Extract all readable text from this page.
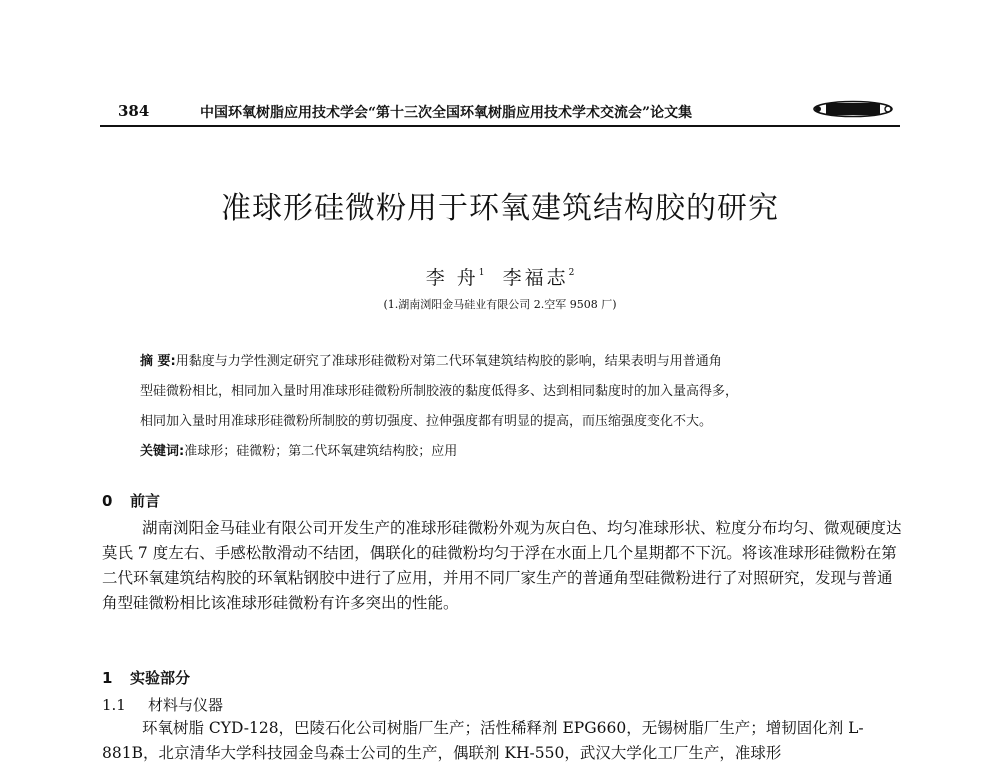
384	中国环氧树脂应用技术学会“第十三次全国环氧树脂应用技术学术交流会”论文集
准球形硅微粉用于环氧建筑结构胶的研究
李 舟$^1$ 李福志$^2$
(1.湖南浏阳金马硅业有限公司 2.空军 9508 厂)
摘 要:用黏度与力学性测定研究了准球形硅微粉对第二代环氧建筑结构胶的影响，结果表明与用普通角
型硅微粉相比，相同加入量时用准球形硅微粉所制胶液的黏度低得多、达到相同黏度时的加入量高得多，
相同加入量时用准球形硅微粉所制胶的剪切强度、拉伸强度都有明显的提高，而压缩强度变化不大。
关键词:准球形；硅微粉；第二代环氧建筑结构胶；应用
0 前言

湖南浏阳金马硅业有限公司开发生产的准球形硅微粉外观为灰白色、均匀准球形状、粒度分布均匀、微观硬度达莫氏 7 度左右、手感松散滑动不结团，偶联化的硅微粉均匀于浮在水面上几个星期都不下沉。将该准球形硅微粉在第二代环氧建筑结构胶的环氧粘钢胶中进行了应用，并用不同厂家生产的普通角型硅微粉进行了对照研究，发现与普通角型硅微粉相比该准球形硅微粉有许多突出的性能。

1 实验部分
1.1 材料与仪器

环氧树脂 CYD-128，巴陵石化公司树脂厂生产；活性稀释剂 EPG660，无锡树脂厂生产；增韧固化剂 L-881B，北京清华大学科技园金鸟森士公司的生产，偶联剂 KH-550，武汉大学化工厂生产，准球形
